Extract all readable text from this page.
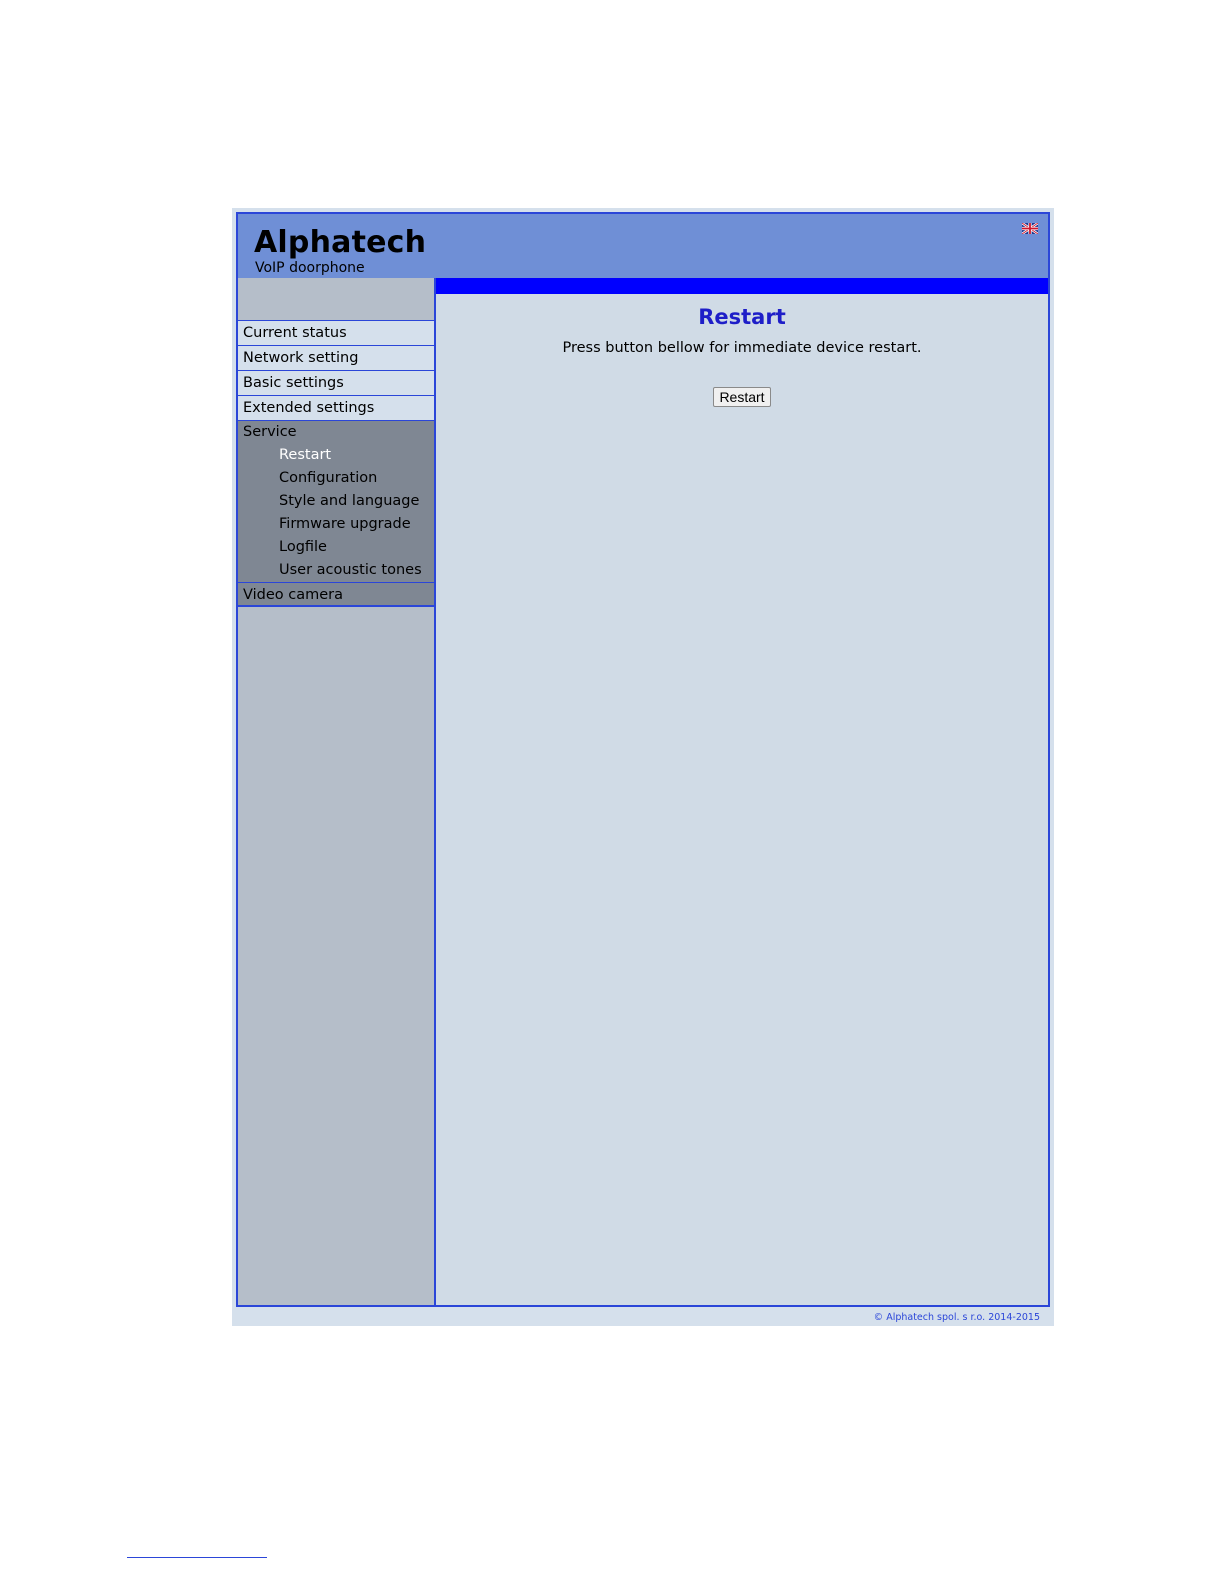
Alphatech
VoIP doorphone
Current status
Network setting
Basic settings
Extended settings
Service
Restart
Configuration
Style and language
Firmware upgrade
Logfile
User acoustic tones
Video camera
Restart
Press button bellow for immediate device restart.
Restart
© Alphatech spol. s r.o. 2014-2015
